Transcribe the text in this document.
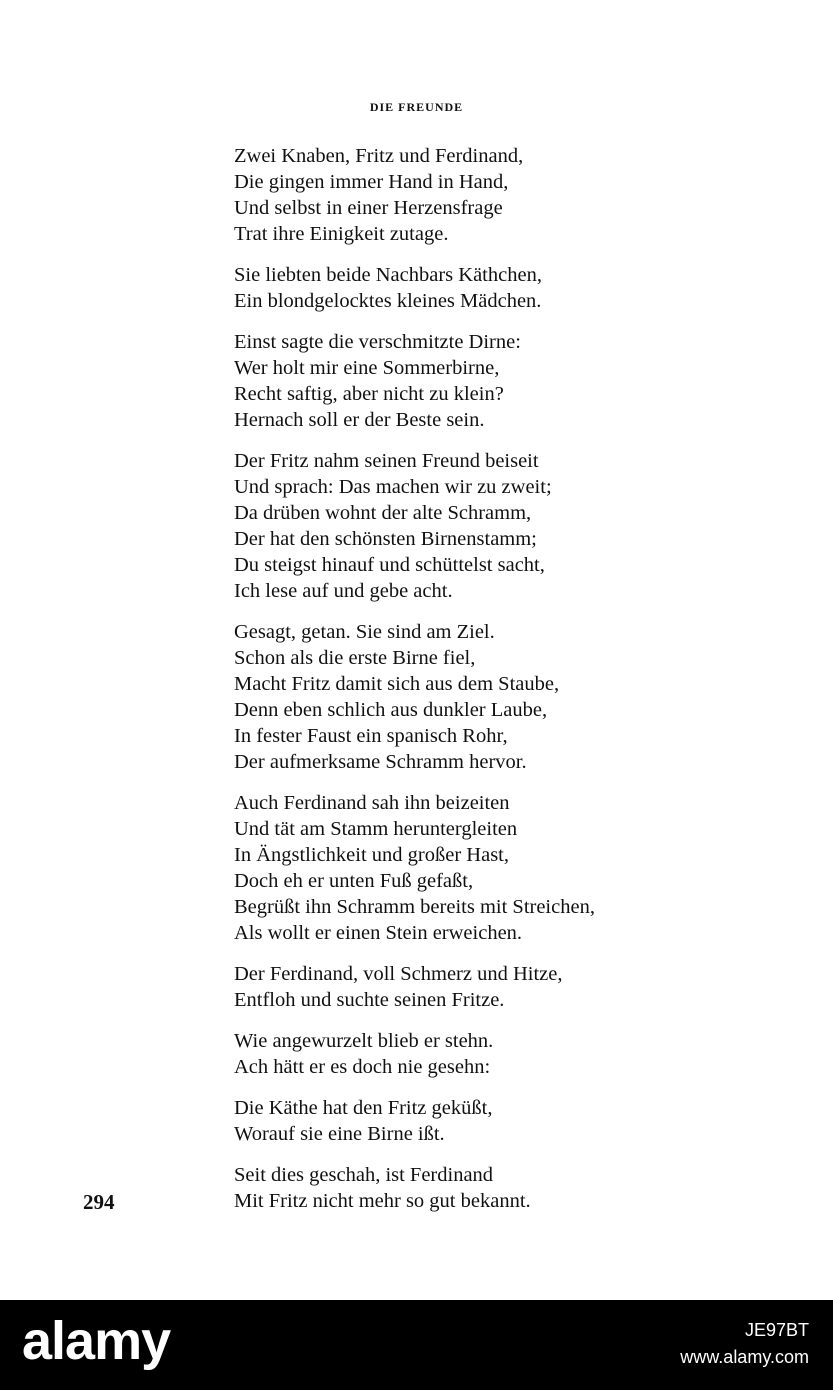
DIE FREUNDE
Zwei Knaben, Fritz und Ferdinand,
Die gingen immer Hand in Hand,
Und selbst in einer Herzensfrage
Trat ihre Einigkeit zutage.
Sie liebten beide Nachbars Käthchen,
Ein blondgelocktes kleines Mädchen.
Einst sagte die verschmitzte Dirne:
Wer holt mir eine Sommerbirne,
Recht saftig, aber nicht zu klein?
Hernach soll er der Beste sein.
Der Fritz nahm seinen Freund beiseit
Und sprach: Das machen wir zu zweit;
Da drüben wohnt der alte Schramm,
Der hat den schönsten Birnenstamm;
Du steigst hinauf und schüttelst sacht,
Ich lese auf und gebe acht.
Gesagt, getan. Sie sind am Ziel.
Schon als die erste Birne fiel,
Macht Fritz damit sich aus dem Staube,
Denn eben schlich aus dunkler Laube,
In fester Faust ein spanisch Rohr,
Der aufmerksame Schramm hervor.
Auch Ferdinand sah ihn beizeiten
Und tät am Stamm heruntergleiten
In Ängstlichkeit und großer Hast,
Doch eh er unten Fuß gefaßt,
Begrüßt ihn Schramm bereits mit Streichen,
Als wollt er einen Stein erweichen.
Der Ferdinand, voll Schmerz und Hitze,
Entfloh und suchte seinen Fritze.
Wie angewurzelt blieb er stehn.
Ach hätt er es doch nie gesehn:
Die Käthe hat den Fritz geküßt,
Worauf sie eine Birne ißt.
Seit dies geschah, ist Ferdinand
Mit Fritz nicht mehr so gut bekannt.
294
alamy	JE97BT
www.alamy.com
